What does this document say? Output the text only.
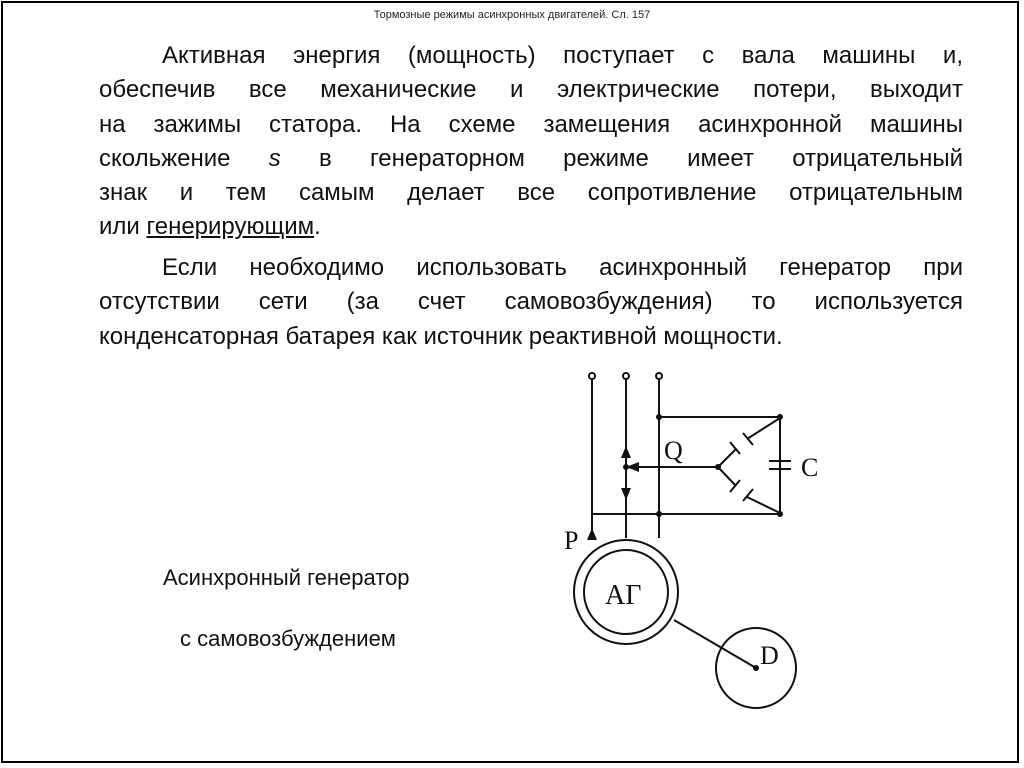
Тормозные режимы асинхронных двигателей. Сл. 157
Активная энергия (мощность) поступает с вала машины и,
обеспечив все механические и электрические потери, выходит
на зажимы статора. На схеме замещения асинхронной машины
скольжение s в генераторном режиме имеет отрицательный
знак и тем самым делает все сопротивление отрицательным
или генерирующим.
Если необходимо использовать асинхронный генератор при
отсутствии сети (за счет самовозбуждения) то используется
конденсаторная батарея как источник реактивной мощности.
Асинхронный генератор
с самовозбуждением
Q
C
P
АГ
D
